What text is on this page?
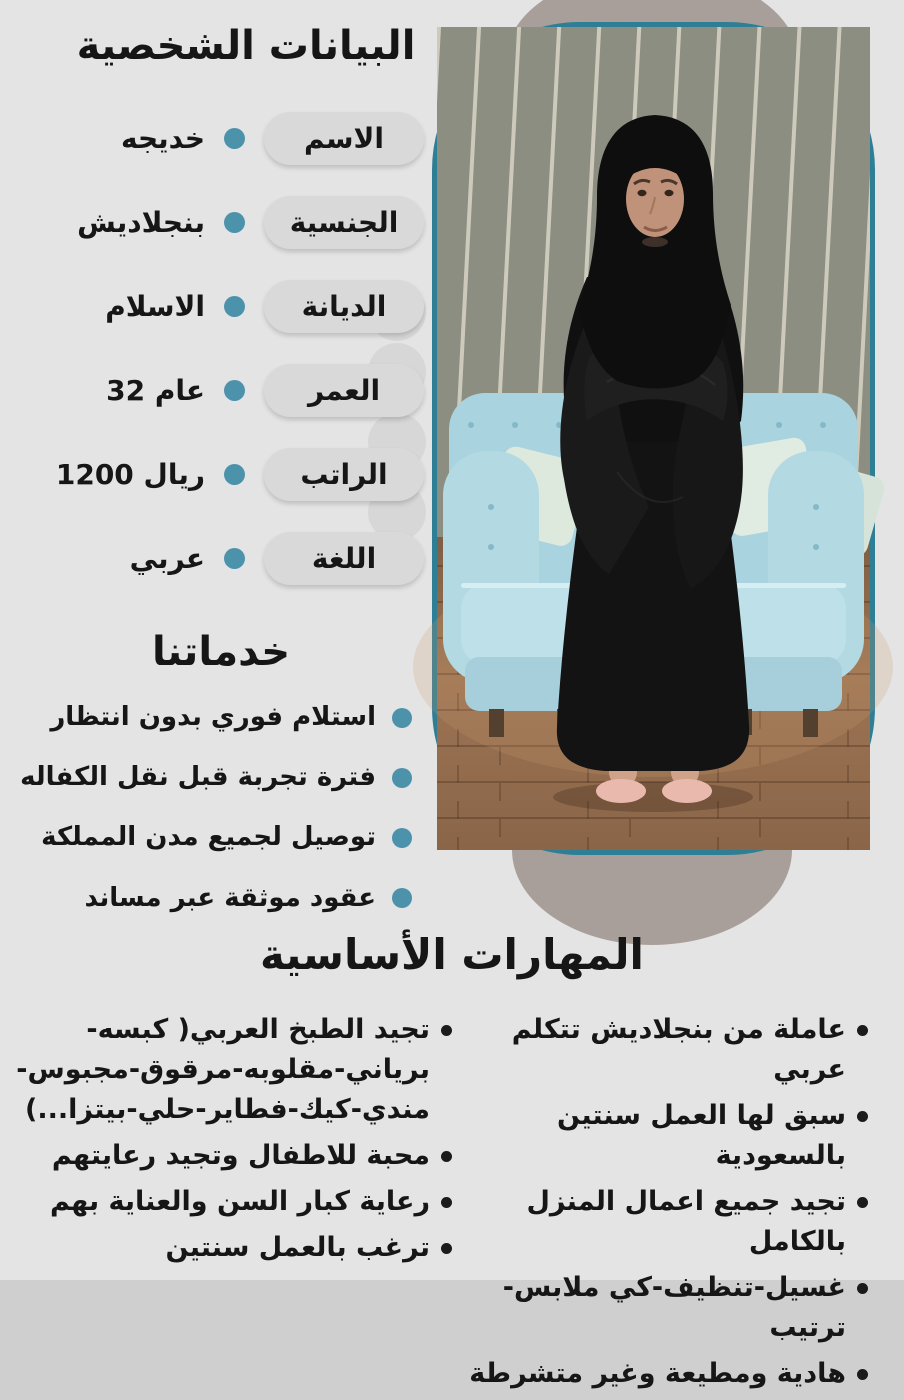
البيانات الشخصية
الاسم
خديجه
الجنسية
بنجلاديش
الديانة
الاسلام
العمر
32 عام
الراتب
1200 ريال
اللغة
عربي
خدماتنا
استلام فوري بدون انتظار
فترة تجربة قبل نقل الكفاله
توصيل لجميع مدن المملكة
عقود موثقة عبر مساند
المهارات الأساسية
عاملة من بنجلاديش تتكلم عربي
سبق لها العمل سنتين بالسعودية
تجيد جميع اعمال المنزل بالكامل
غسيل-تنظيف-كي ملابس-ترتيب
هادية ومطيعة وغير متشرطة
تجيد الطبخ العربي( كبسه-برياني-مقلوبه-مرقوق-مجبوس-مندي-كيك-فطاير-حلي-بيتزا...)
محبة للاطفال وتجيد رعايتهم
رعاية كبار السن والعناية بهم
ترغب بالعمل سنتين
